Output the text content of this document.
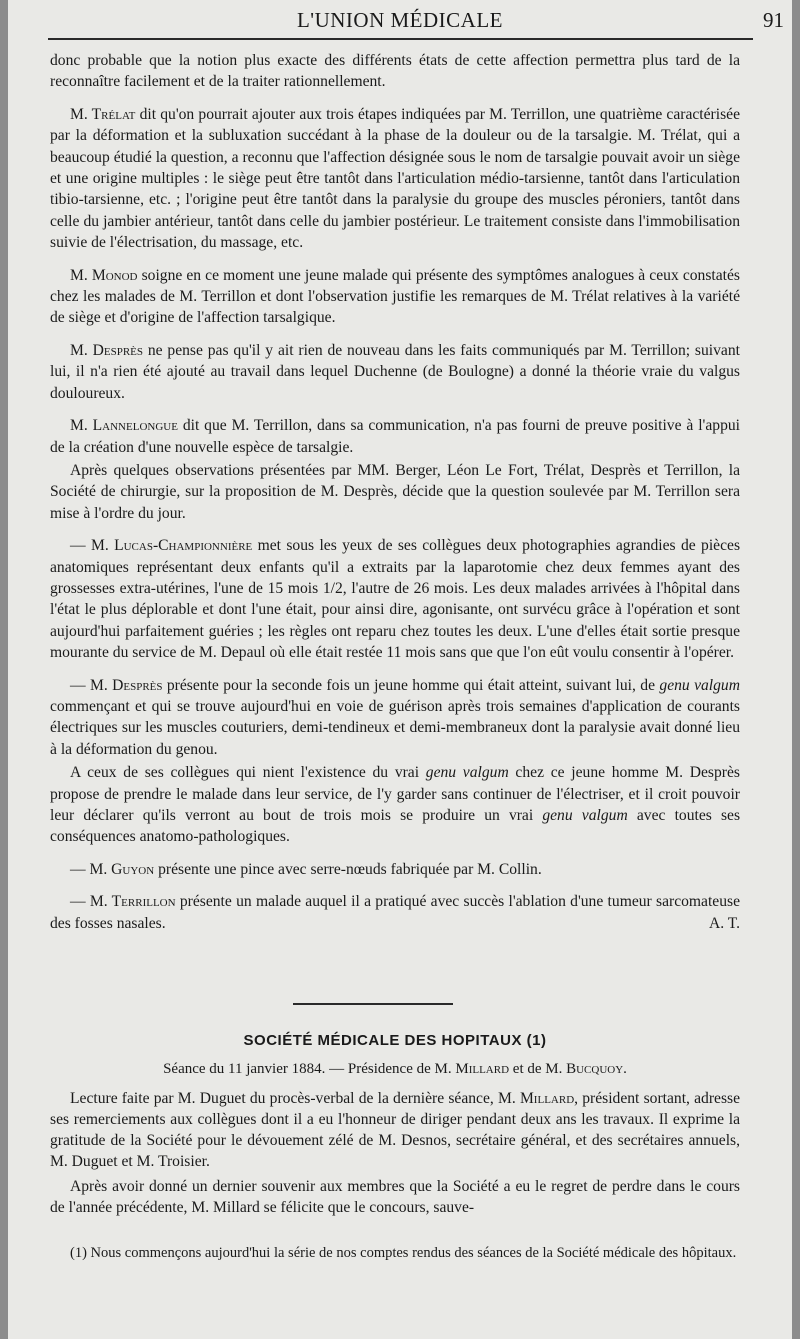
L'UNION MÉDICALE	91

donc probable que la notion plus exacte des différents états de cette affection permettra plus tard de la reconnaître facilement et de la traiter rationnellement.

M. Trélat dit qu'on pourrait ajouter aux trois étapes indiquées par M. Terrillon, une quatrième caractérisée par la déformation et la subluxation succédant à la phase de la douleur ou de la tarsalgie. M. Trélat, qui a beaucoup étudié la question, a reconnu que l'affection désignée sous le nom de tarsalgie pouvait avoir un siège et une origine multiples : le siège peut être tantôt dans l'articulation médio-tarsienne, tantôt dans l'articulation tibio-tarsienne, etc. ; l'origine peut être tantôt dans la paralysie du groupe des muscles péroniers, tantôt dans celle du jambier antérieur, tantôt dans celle du jambier postérieur. Le traitement consiste dans l'immobilisation suivie de l'électrisation, du massage, etc.

M. Monod soigne en ce moment une jeune malade qui présente des symptômes analogues à ceux constatés chez les malades de M. Terrillon et dont l'observation justifie les remarques de M. Trélat relatives à la variété de siège et d'origine de l'affection tarsalgique.

M. Desprès ne pense pas qu'il y ait rien de nouveau dans les faits communiqués par M. Terrillon; suivant lui, il n'a rien été ajouté au travail dans lequel Duchenne (de Boulogne) a donné la théorie vraie du valgus douloureux.

M. Lannelongue dit que M. Terrillon, dans sa communication, n'a pas fourni de preuve positive à l'appui de la création d'une nouvelle espèce de tarsalgie.

Après quelques observations présentées par MM. Berger, Léon Le Fort, Trélat, Desprès et Terrillon, la Société de chirurgie, sur la proposition de M. Desprès, décide que la question soulevée par M. Terrillon sera mise à l'ordre du jour.

— M. Lucas-Championnière met sous les yeux de ses collègues deux photographies agrandies de pièces anatomiques représentant deux enfants qu'il a extraits par la laparotomie chez deux femmes ayant des grossesses extra-utérines, l'une de 15 mois 1/2, l'autre de 26 mois. Les deux malades arrivées à l'hôpital dans l'état le plus déplorable et dont l'une était, pour ainsi dire, agonisante, ont survécu grâce à l'opération et sont aujourd'hui parfaitement guéries ; les règles ont reparu chez toutes les deux. L'une d'elles était sortie presque mourante du service de M. Depaul où elle était restée 11 mois sans que que l'on eût voulu consentir à l'opérer.

— M. Desprès présente pour la seconde fois un jeune homme qui était atteint, suivant lui, de genu valgum commençant et qui se trouve aujourd'hui en voie de guérison après trois semaines d'application de courants électriques sur les muscles couturiers, demi-tendineux et demi-membraneux dont la paralysie avait donné lieu à la déformation du genou.

A ceux de ses collègues qui nient l'existence du vrai genu valgum chez ce jeune homme M. Desprès propose de prendre le malade dans leur service, de l'y garder sans continuer de l'électriser, et il croit pouvoir leur déclarer qu'ils verront au bout de trois mois se produire un vrai genu valgum avec toutes ses conséquences anatomo-pathologiques.

— M. Guyon présente une pince avec serre-nœuds fabriquée par M. Collin.

— M. Terrillon présente un malade auquel il a pratiqué avec succès l'ablation d'une tumeur sarcomateuse des fosses nasales.	A. T.

SOCIÉTÉ MÉDICALE DES HOPITAUX (1)
Séance du 11 janvier 1884. — Présidence de M. Millard et de M. Bucquoy.

Lecture faite par M. Duguet du procès-verbal de la dernière séance, M. Millard, président sortant, adresse ses remerciements aux collègues dont il a eu l'honneur de diriger pendant deux ans les travaux. Il exprime la gratitude de la Société pour le dévouement zélé de M. Desnos, secrétaire général, et des secrétaires annuels, M. Duguet et M. Troisier.

Après avoir donné un dernier souvenir aux membres que la Société a eu le regret de perdre dans le cours de l'année précédente, M. Millard se félicite que le concours, sauve-

(1) Nous commençons aujourd'hui la série de nos comptes rendus des séances de la Société médicale des hôpitaux.
